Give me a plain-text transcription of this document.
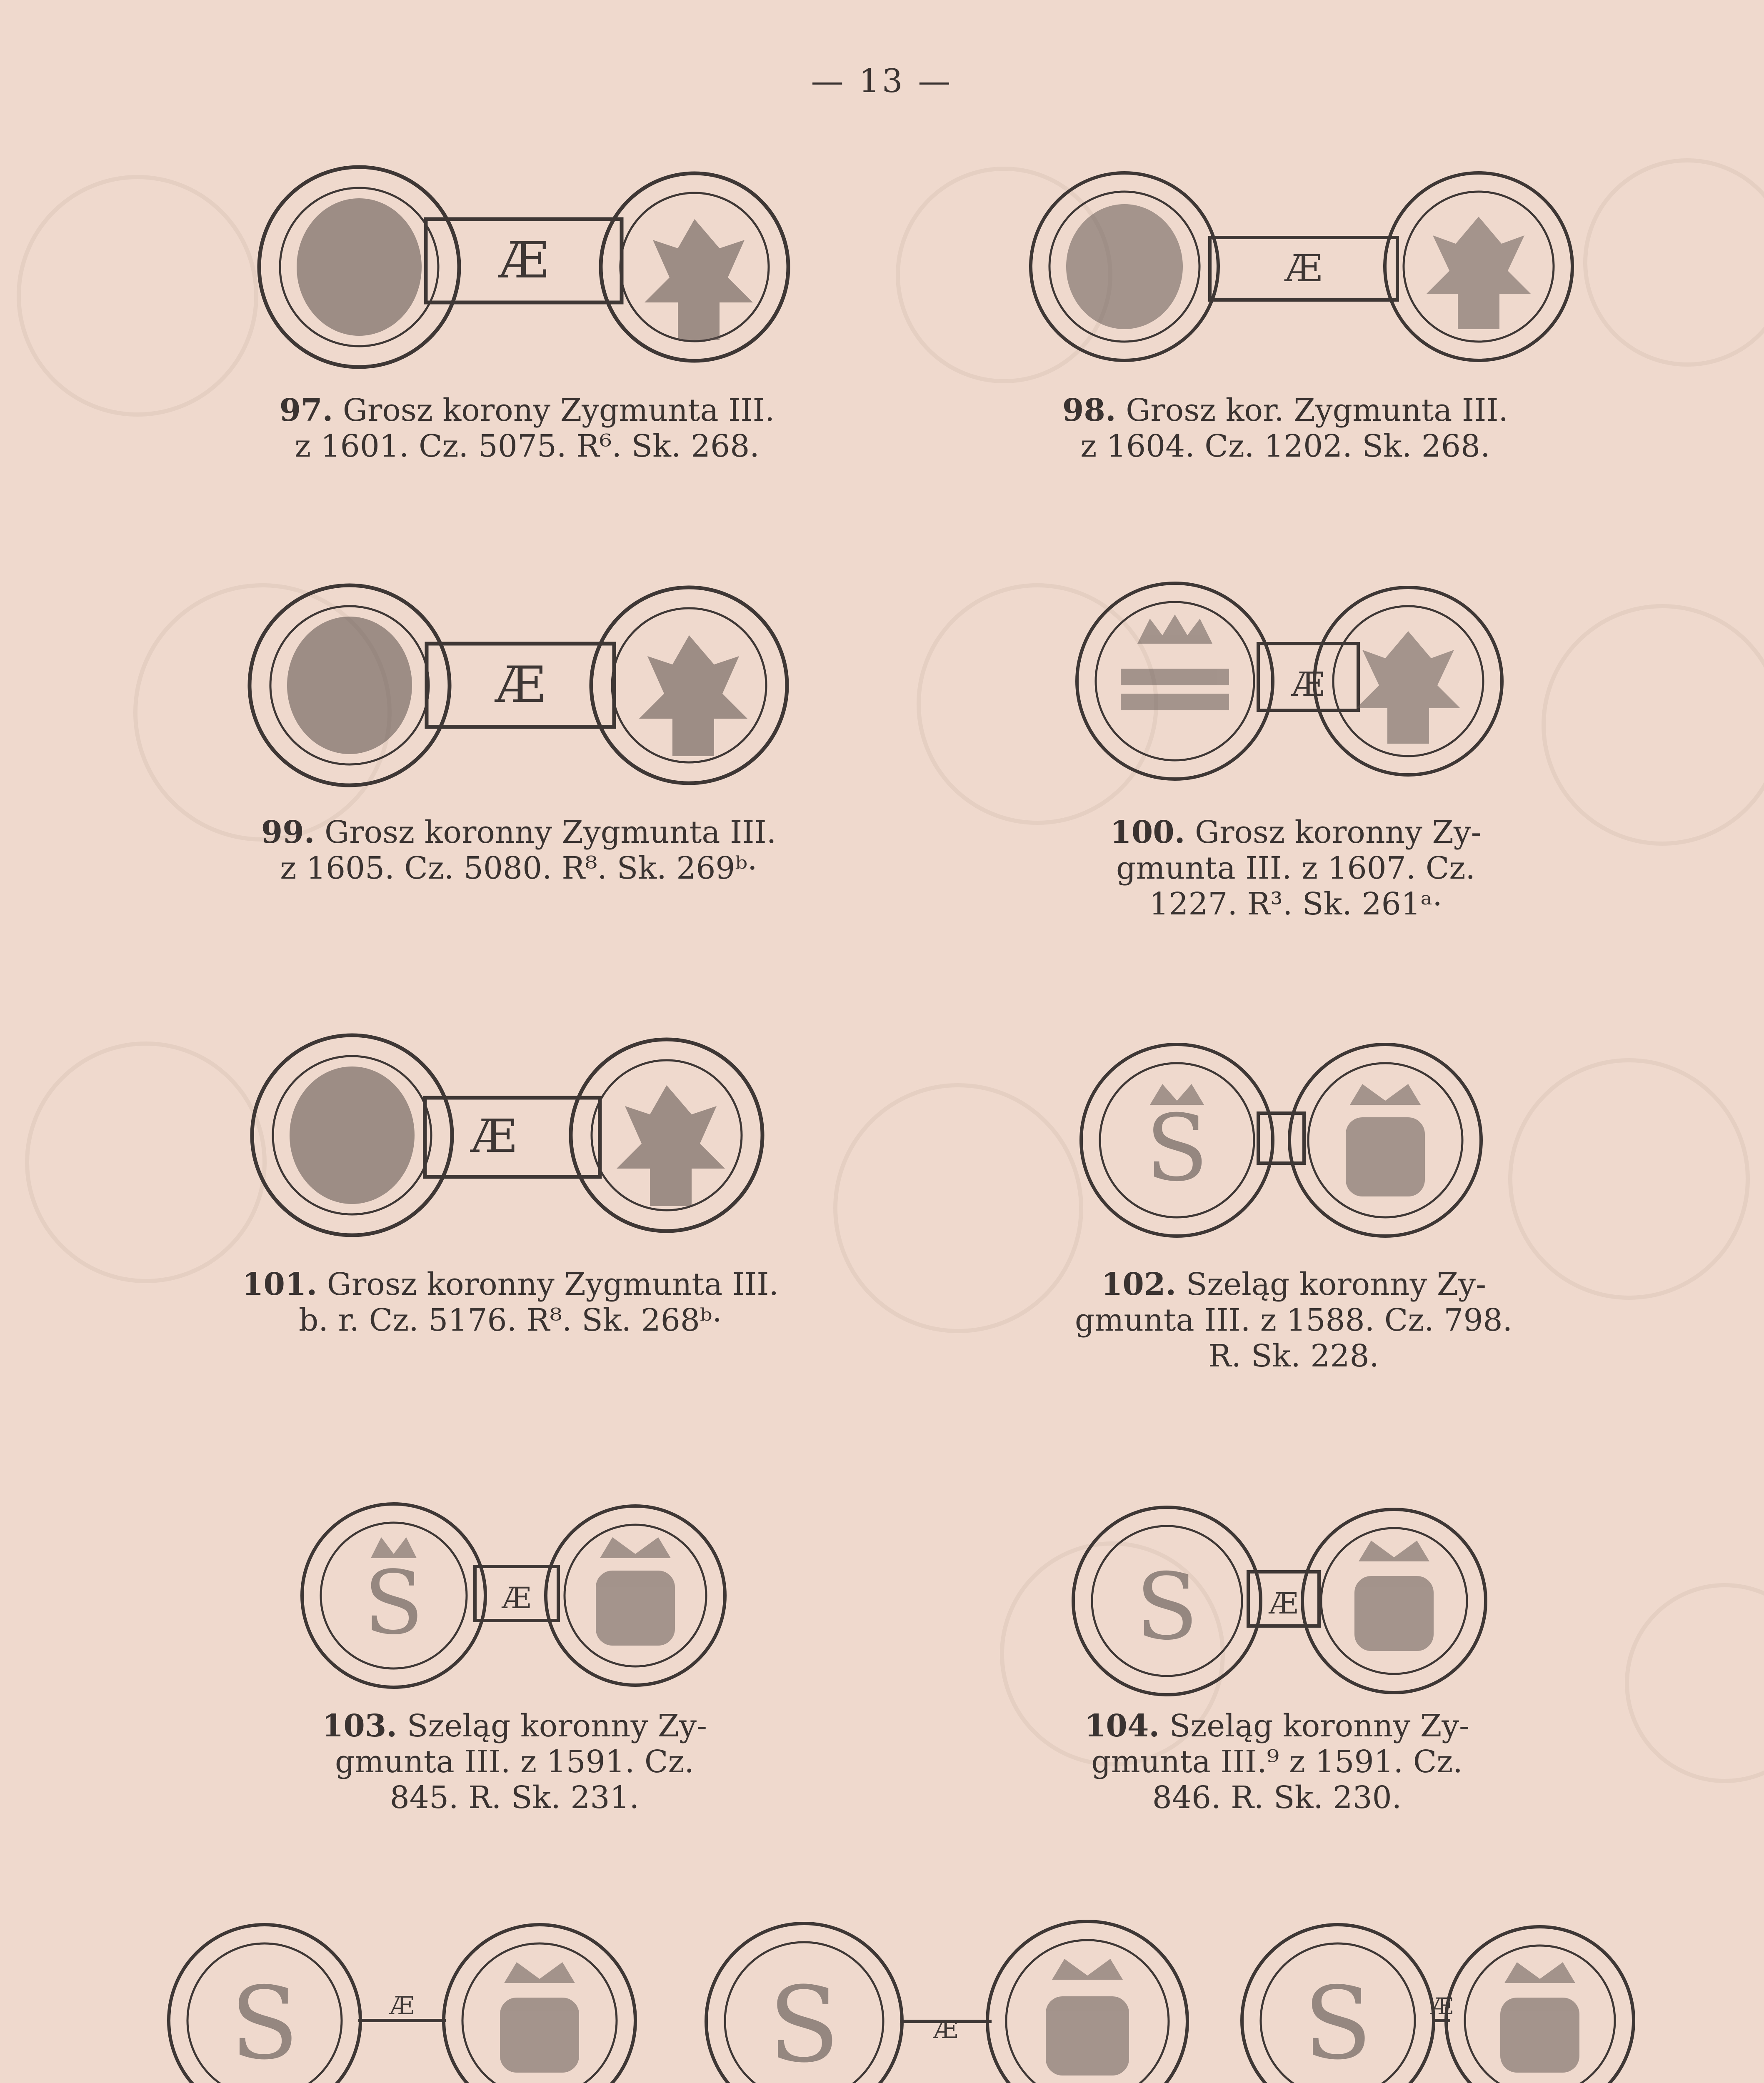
— 13 —
Æ	Æ
Æ	Æ
Æ	S
Æ
S	Æ
S
Æ
S	Æ
S	Æ
S
97. Grosz korony Zygmunta III.
z 1601. Cz. 5075. R⁶. Sk. 268.
98. Grosz kor. Zygmunta III.
z 1604. Cz. 1202. Sk. 268.
99. Grosz koronny Zygmunta III.
z 1605. Cz. 5080. R⁸. Sk. 269ᵇ·
100. Grosz koronny Zy-
gmunta III. z 1607. Cz.
1227. R³. Sk. 261ᵃ·
101. Grosz koronny Zygmunta III.
b. r. Cz. 5176. R⁸. Sk. 268ᵇ·
102. Szeląg koronny Zy-
gmunta III. z 1588. Cz. 798.
R. Sk. 228.
103. Szeląg koronny Zy-
gmunta III. z 1591. Cz.
845. R. Sk. 231.
104. Szeląg koronny Zy-
gmunta III.⁹ z 1591. Cz.
846. R. Sk. 230.
